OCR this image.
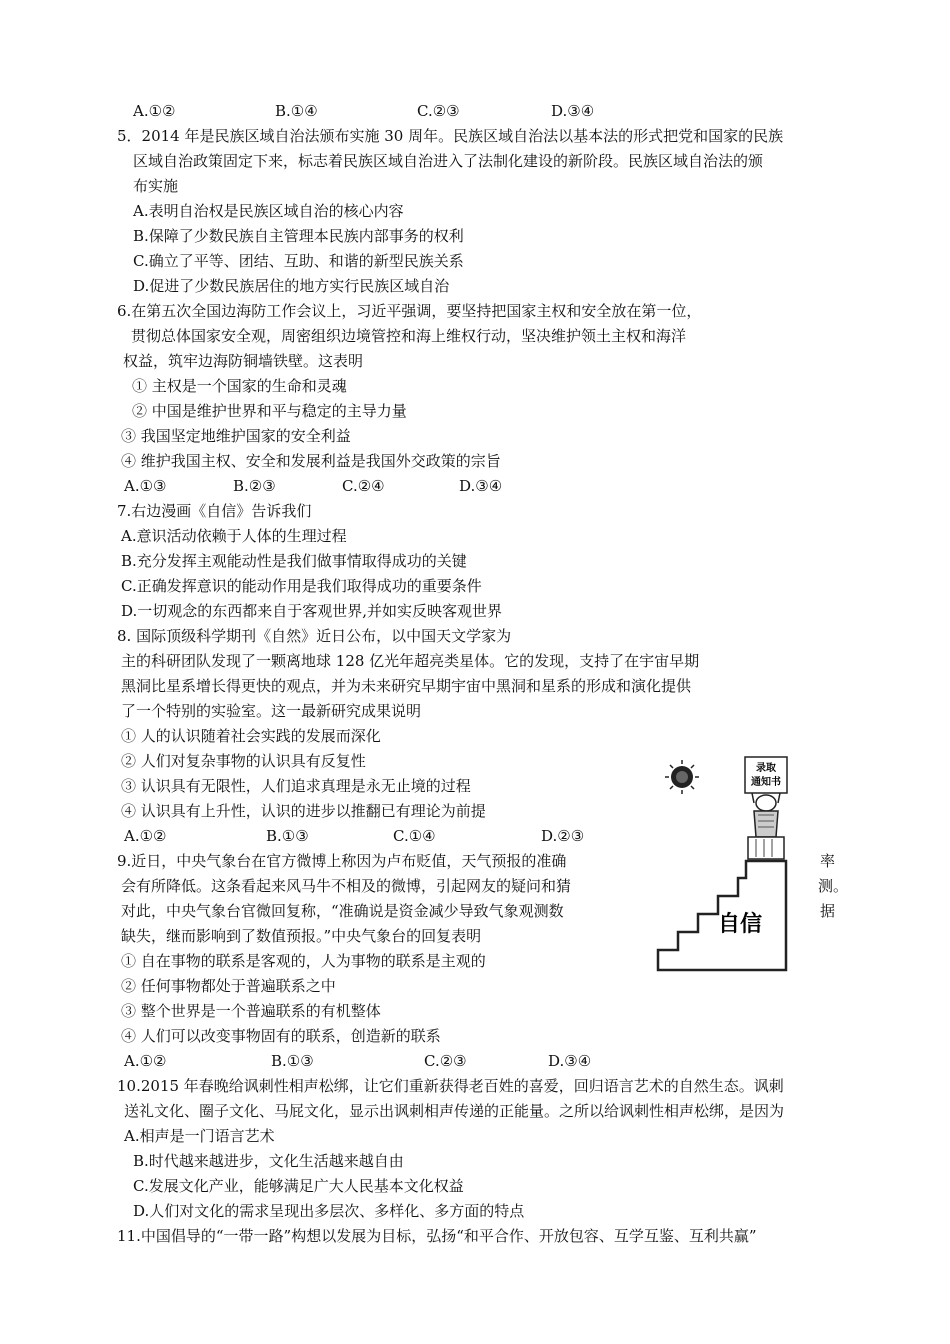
A.①②	B.①④	C.②③	D.③④
5．2014 年是民族区域自治法颁布实施 30 周年。民族区域自治法以基本法的形式把党和国家的民族
区域自治政策固定下来，标志着民族区域自治进入了法制化建设的新阶段。民族区域自治法的颁
布实施
A.表明自治权是民族区域自治的核心内容
B.保障了少数民族自主管理本民族内部事务的权利
C.确立了平等、团结、互助、和谐的新型民族关系
D.促进了少数民族居住的地方实行民族区域自治
6.在第五次全国边海防工作会议上，习近平强调，要坚持把国家主权和安全放在第一位，
贯彻总体国家安全观，周密组织边境管控和海上维权行动，坚决维护领土主权和海洋
权益，筑牢边海防铜墙铁壁。这表明
① 主权是一个国家的生命和灵魂
② 中国是维护世界和平与稳定的主导力量
③ 我国坚定地维护国家的安全利益
④ 维护我国主权、安全和发展利益是我国外交政策的宗旨
A.①③	B.②③	C.②④	D.③④
7.右边漫画《自信》告诉我们
A.意识活动依赖于人体的生理过程
B.充分发挥主观能动性是我们做事情取得成功的关键
C.正确发挥意识的能动作用是我们取得成功的重要条件
D.一切观念的东西都来自于客观世界,并如实反映客观世界
8. 国际顶级科学期刊《自然》近日公布，以中国天文学家为
主的科研团队发现了一颗离地球 128 亿光年超亮类星体。它的发现，支持了在宇宙早期
黑洞比星系增长得更快的观点，并为未来研究早期宇宙中黑洞和星系的形成和演化提供
了一个特别的实验室。这一最新研究成果说明
① 人的认识随着社会实践的发展而深化
② 人们对复杂事物的认识具有反复性
③ 认识具有无限性，人们追求真理是永无止境的过程
④ 认识具有上升性，认识的进步以推翻已有理论为前提
A.①②	B.①③	C.①④	D.②③
9.近日，中央气象台在官方微博上称因为卢布贬值，天气预报的准确
会有所降低。这条看起来风马牛不相及的微博，引起网友的疑问和猜
对此，中央气象台官微回复称，“准确说是资金减少导致气象观测数
缺失，继而影响到了数值预报。”中央气象台的回复表明
率
测。
据
① 自在事物的联系是客观的，人为事物的联系是主观的
② 任何事物都处于普遍联系之中
③ 整个世界是一个普遍联系的有机整体
④ 人们可以改变事物固有的联系，创造新的联系
A.①②	B.①③	C.②③	D.③④
10.2015 年春晚给讽刺性相声松绑，让它们重新获得老百姓的喜爱，回归语言艺术的自然生态。讽刺
送礼文化、圈子文化、马屁文化，显示出讽刺相声传递的正能量。之所以给讽刺性相声松绑，是因为
A.相声是一门语言艺术
B.时代越来越进步，文化生活越来越自由
C.发展文化产业，能够满足广大人民基本文化权益
D.人们对文化的需求呈现出多层次、多样化、多方面的特点
11.中国倡导的“一带一路”构想以发展为目标，弘扬“和平合作、开放包容、互学互鉴、互利共赢”
录取
通知书
自信
